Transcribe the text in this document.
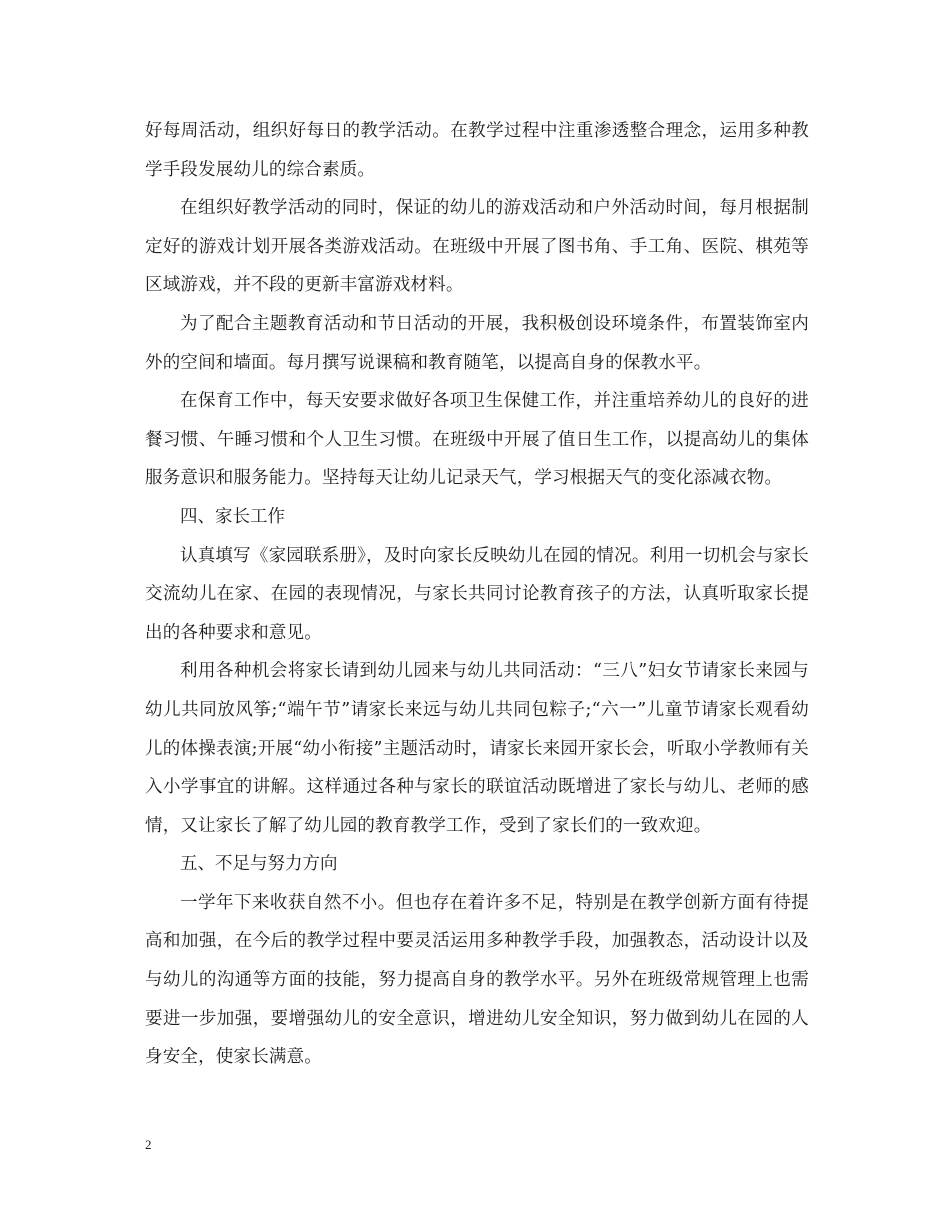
好每周活动，组织好每日的教学活动。在教学过程中注重渗透整合理念，运用多种教学手段发展幼儿的综合素质。

在组织好教学活动的同时，保证的幼儿的游戏活动和户外活动时间，每月根据制定好的游戏计划开展各类游戏活动。在班级中开展了图书角、手工角、医院、棋苑等区域游戏，并不段的更新丰富游戏材料。

为了配合主题教育活动和节日活动的开展，我积极创设环境条件，布置装饰室内外的空间和墙面。每月撰写说课稿和教育随笔，以提高自身的保教水平。

在保育工作中，每天安要求做好各项卫生保健工作，并注重培养幼儿的良好的进餐习惯、午睡习惯和个人卫生习惯。在班级中开展了值日生工作，以提高幼儿的集体服务意识和服务能力。坚持每天让幼儿记录天气，学习根据天气的变化添减衣物。

四、家长工作

认真填写《家园联系册》，及时向家长反映幼儿在园的情况。利用一切机会与家长交流幼儿在家、在园的表现情况，与家长共同讨论教育孩子的方法，认真听取家长提出的各种要求和意见。

利用各种机会将家长请到幼儿园来与幼儿共同活动：“三八”妇女节请家长来园与幼儿共同放风筝;“端午节”请家长来远与幼儿共同包粽子;“六一”儿童节请家长观看幼儿的体操表演;开展“幼小衔接”主题活动时，请家长来园开家长会，听取小学教师有关入小学事宜的讲解。这样通过各种与家长的联谊活动既增进了家长与幼儿、老师的感情，又让家长了解了幼儿园的教育教学工作，受到了家长们的一致欢迎。

五、不足与努力方向

一学年下来收获自然不小。但也存在着许多不足，特别是在教学创新方面有待提高和加强，在今后的教学过程中要灵活运用多种教学手段，加强教态，活动设计以及与幼儿的沟通等方面的技能，努力提高自身的教学水平。另外在班级常规管理上也需要进一步加强，要增强幼儿的安全意识，增进幼儿安全知识，努力做到幼儿在园的人身安全，使家长满意。

2
